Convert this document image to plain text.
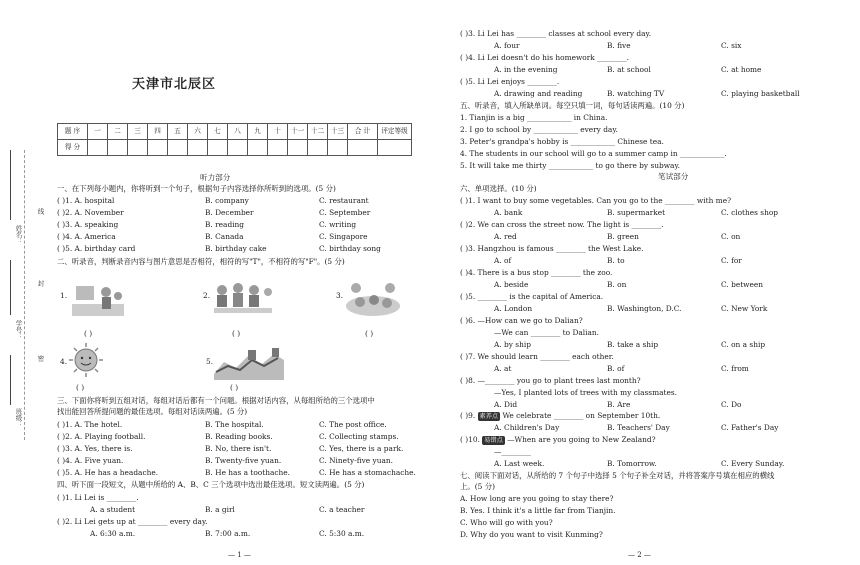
姓名：
学号：
班级：
线
封
密
天津市北辰区
题 序	一	二	三	四	五	六	七	八	九	十	十一	十二	十三	合 计	评定等级
得 分															
听力部分
一、在下列每小题内，你将听到一个句子，根据句子内容选择你所听到的选项。(5 分)
( )1. A. hospital	B. company	C. restaurant
( )2. A. November	B. December	C. September
( )3. A. speaking	B. reading	C. writing
( )4. A. America	B. Canada	C. Singapore
( )5. A. birthday card	B. birthday cake	C. birthday song
二、听录音，判断录音内容与图片意思是否相符，相符的写"T"，不相符的写"F"。(5 分)
1.
( )
2.
( )
3.
( )
4.
( )
5.
( )
三、下面你将听到五组对话，每组对话后都有一个问题。根据对话内容，从每组所给的三个选项中
找出能回答所提问题的最佳选项。每组对话读两遍。(5 分)
( )1. A. The hotel.	B. The hospital.	C. The post office.
( )2. A. Playing football.	B. Reading books.	C. Collecting stamps.
( )3. A. Yes, there is.	B. No, there isn't.	C. Yes, there is a park.
( )4. A. Five yuan.	B. Twenty-five yuan.	C. Ninety-five yuan.
( )5. A. He has a headache.	B. He has a toothache.	C. He has a stomachache.
四、听下面一段短文，从题中所给的 A、B、C 三个选项中选出最佳选项。短文读两遍。(5 分)
( )1. Li Lei is ________.
A. a student	B. a girl	C. a teacher
( )2. Li Lei gets up at ________ every day.
A. 6:30 a.m.	B. 7:00 a.m.	C. 5:30 a.m.
— 1 —
( )3. Li Lei has ________ classes at school every day.
A. four	B. five	C. six
( )4. Li Lei doesn't do his homework ________.
A. in the evening	B. at school	C. at home
( )5. Li Lei enjoys ________.
A. drawing and reading	B. watching TV	C. playing basketball
五、听录音，填入所缺单词。每空只填一词，每句话读两遍。(10 分)
1. Tianjin is a big ____________ in China.
2. I go to school by ____________ every day.
3. Peter's grandpa's hobby is ____________ Chinese tea.
4. The students in our school will go to a summer camp in ____________.
5. It will take me thirty ____________ to go there by subway.
笔试部分
六、单项选择。(10 分)
( )1. I want to buy some vegetables. Can you go to the ________ with me?
A. bank	B. supermarket	C. clothes shop
( )2. We can cross the street now. The light is ________.
A. red	B. green	C. on
( )3. Hangzhou is famous ________ the West Lake.
A. of	B. to	C. for
( )4. There is a bus stop ________ the zoo.
A. beside	B. on	C. between
( )5. ________ is the capital of America.
A. London	B. Washington, D.C.	C. New York
( )6. —How can we go to Dalian?
—We can ________ to Dalian.
A. by ship	B. take a ship	C. on a ship
( )7. We should learn ________ each other.
A. at	B. of	C. from
( )8. —________ you go to plant trees last month?
—Yes, I planted lots of trees with my classmates.
A. Did	B. Are	C. Do
( )9. 素养点 We celebrate ________ on September 10th.
A. Children's Day	B. Teachers' Day	C. Father's Day
( )10. 易错点 —When are you going to New Zealand?
—________
A. Last week.	B. Tomorrow.	C. Every Sunday.
七、阅读下面对话，从所给的 7 个句子中选择 5 个句子补全对话，并将答案序号填在相应的横线
上。(5 分)
A. How long are you going to stay there?
B. Yes. I think it's a little far from Tianjin.
C. Who will go with you?
D. Why do you want to visit Kunming?
— 2 —
